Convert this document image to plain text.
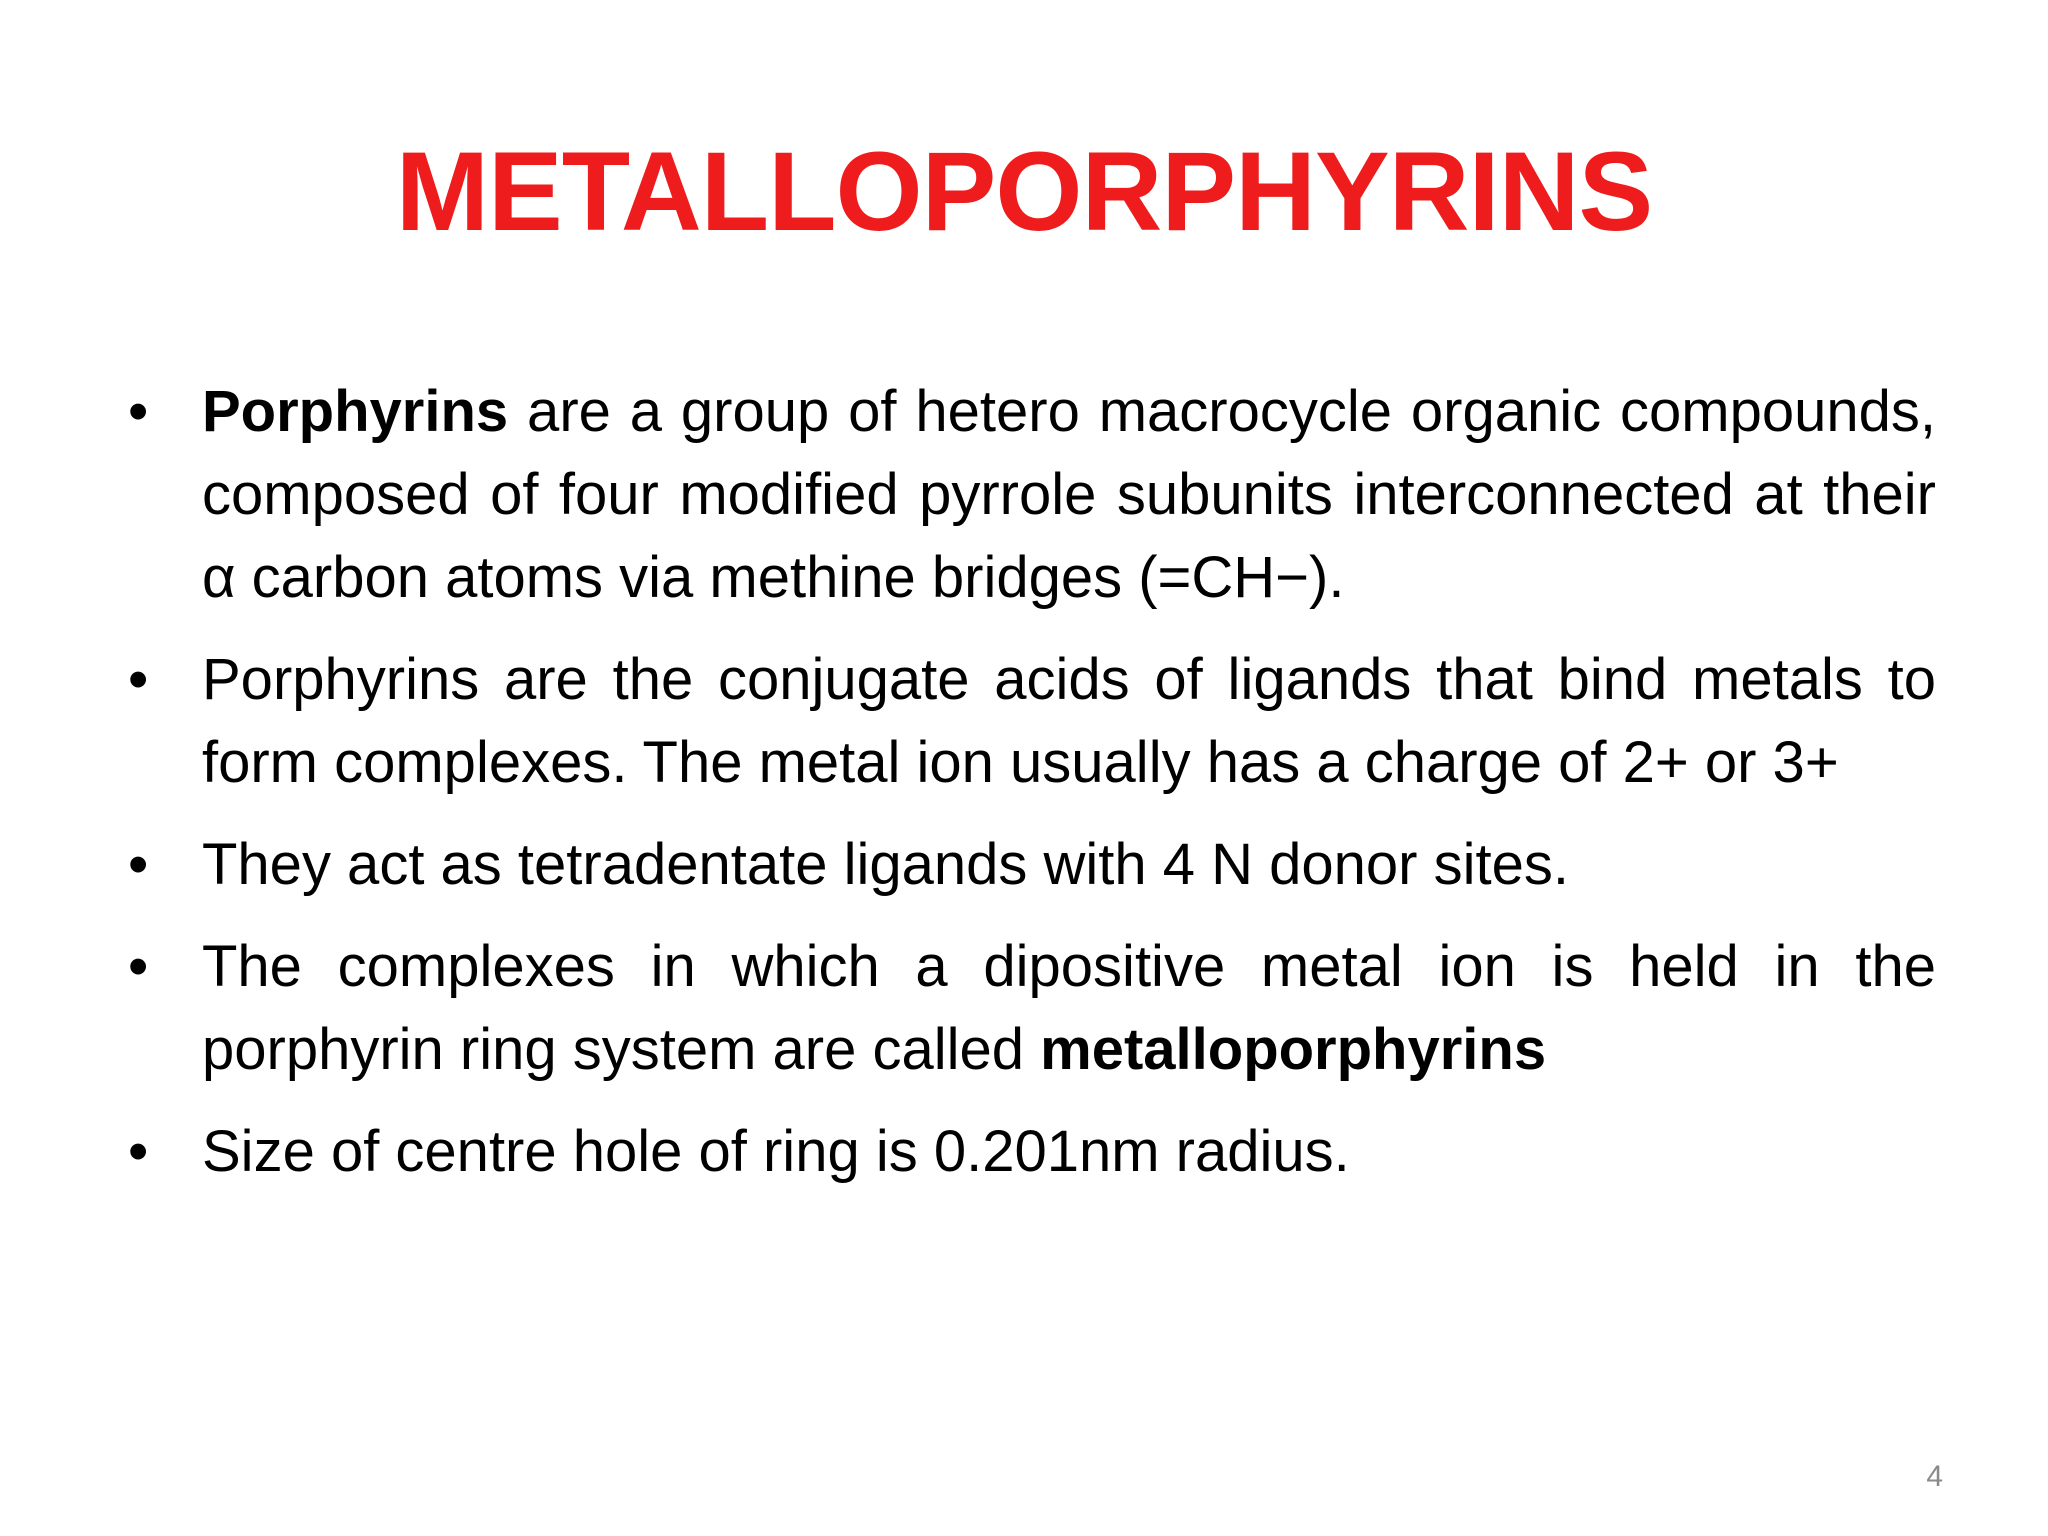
METALLOPORPHYRINS
• Porphyrins are a group of hetero macrocycle organic compounds, composed of four modified pyrrole subunits interconnected at their α carbon atoms via methine bridges (=CH−).
• Porphyrins are the conjugate acids of ligands that bind metals to form complexes. The metal ion usually has a charge of 2+ or 3+
• They act as tetradentate ligands with 4 N donor sites.
• The complexes in which a dipositive metal ion is held in the porphyrin ring system are called metalloporphyrins
• Size of centre hole of ring is 0.201nm radius.
4
